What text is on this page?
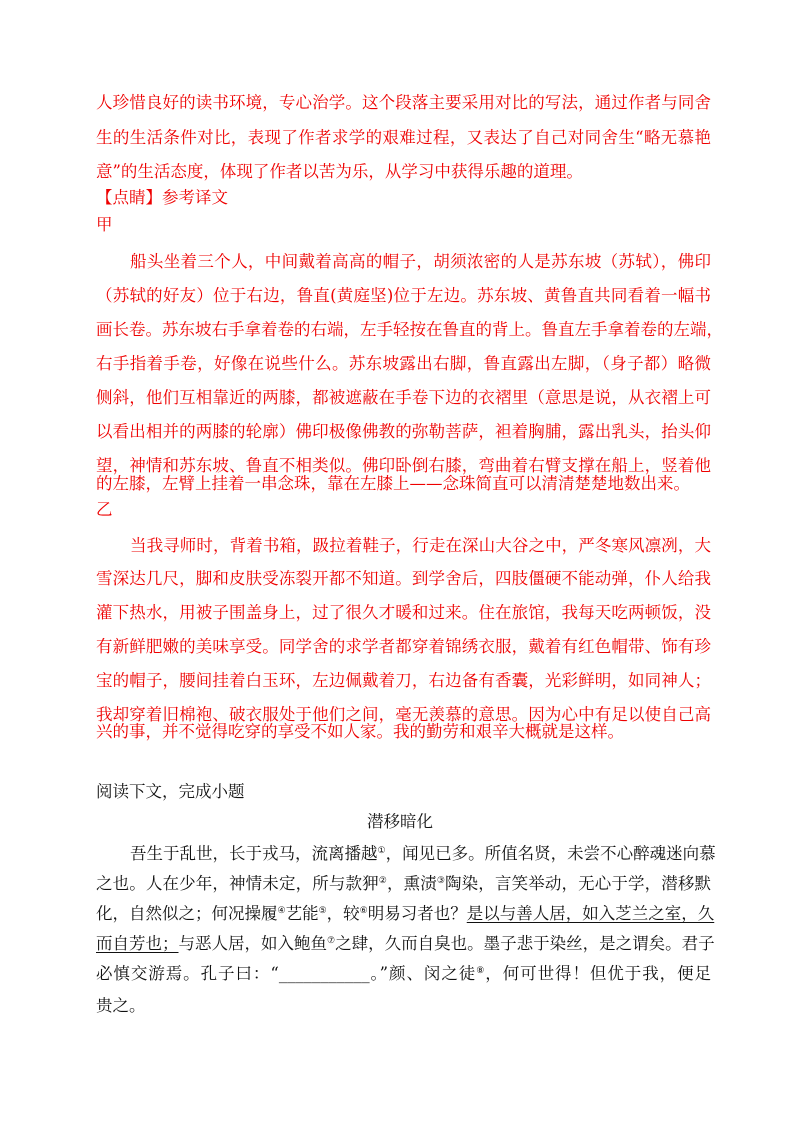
人珍惜良好的读书环境，专心治学。这个段落主要采用对比的写法，通过作者与同舍
生的生活条件对比，表现了作者求学的艰难过程，又表达了自己对同舍生“略无慕艳
意”的生活态度，体现了作者以苦为乐，从学习中获得乐趣的道理。
【点睛】参考译文
甲
船头坐着三个人，中间戴着高高的帽子，胡须浓密的人是苏东坡（苏轼），佛印
（苏轼的好友）位于右边，鲁直(黄庭坚)位于左边。苏东坡、黄鲁直共同看着一幅书
画长卷。苏东坡右手拿着卷的右端，左手轻按在鲁直的背上。鲁直左手拿着卷的左端，
右手指着手卷，好像在说些什么。苏东坡露出右脚，鲁直露出左脚，（身子都）略微
侧斜，他们互相靠近的两膝，都被遮蔽在手卷下边的衣褶里（意思是说，从衣褶上可
以看出相并的两膝的轮廓）佛印极像佛教的弥勒菩萨，袒着胸脯，露出乳头，抬头仰
望，神情和苏东坡、鲁直不相类似。佛印卧倒右膝，弯曲着右臂支撑在船上，竖着他
的左膝，左臂上挂着一串念珠，靠在左膝上——念珠简直可以清清楚楚地数出来。
乙
当我寻师时，背着书箱，趿拉着鞋子，行走在深山大谷之中，严冬寒风凛冽，大
雪深达几尺，脚和皮肤受冻裂开都不知道。到学舍后，四肢僵硬不能动弹，仆人给我
灌下热水，用被子围盖身上，过了很久才暖和过来。住在旅馆，我每天吃两顿饭，没
有新鲜肥嫩的美味享受。同学舍的求学者都穿着锦绣衣服，戴着有红色帽带、饰有珍
宝的帽子，腰间挂着白玉环，左边佩戴着刀，右边备有香囊，光彩鲜明，如同神人；
我却穿着旧棉袍、破衣服处于他们之间，毫无羡慕的意思。因为心中有足以使自己高
兴的事，并不觉得吃穿的享受不如人家。我的勤劳和艰辛大概就是这样。
阅读下文，完成小题
潜移暗化
吾生于乱世，长于戎马，流离播越①，闻见已多。所值名贤，未尝不心醉魂迷向慕
之也。人在少年，神情未定，所与款狎②，熏渍③陶染，言笑举动，无心于学，潜移默
化，自然似之；何况操履④艺能⑤，较⑥明易习者也？是以与善人居，如入芝兰之室，久
而自芳也；与恶人居，如入鲍鱼⑦之肆，久而自臭也。墨子悲于染丝，是之谓矣。君子
必慎交游焉。孔子曰：“___________。”颜、闵之徒⑧，何可世得！但优于我，便足
贵之。
